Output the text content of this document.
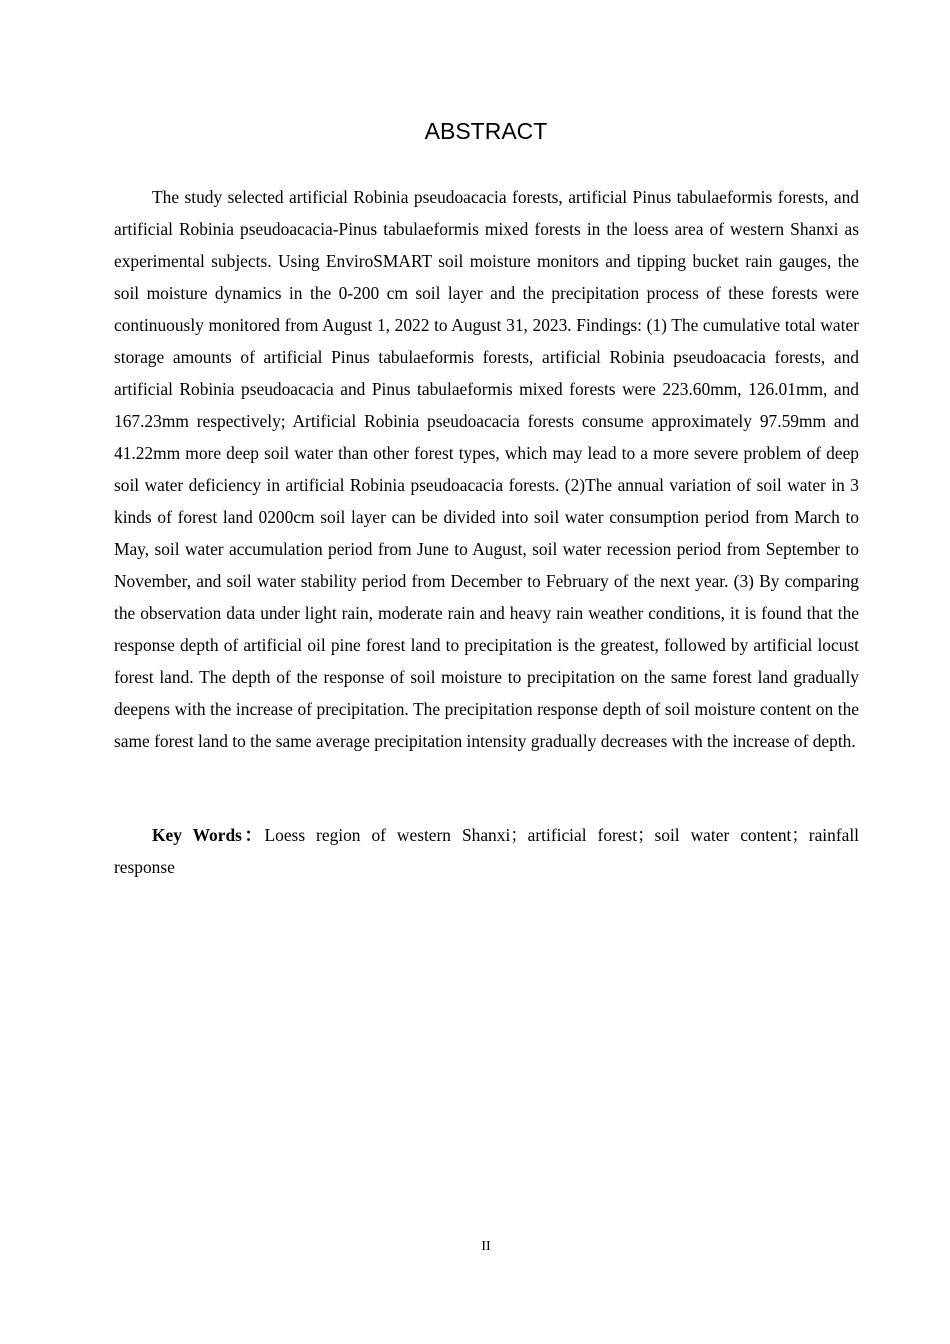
ABSTRACT

The study selected artificial Robinia pseudoacacia forests, artificial Pinus tabulaeformis forests, and artificial Robinia pseudoacacia-Pinus tabulaeformis mixed forests in the loess area of western Shanxi as experimental subjects. Using EnviroSMART soil moisture monitors and tipping bucket rain gauges, the soil moisture dynamics in the 0-200 cm soil layer and the precipitation process of these forests were continuously monitored from August 1, 2022 to August 31, 2023. Findings: (1) The cumulative total water storage amounts of artificial Pinus tabulaeformis forests, artificial Robinia pseudoacacia forests, and artificial Robinia pseudoacacia and Pinus tabulaeformis mixed forests were 223.60mm, 126.01mm, and 167.23mm respectively; Artificial Robinia pseudoacacia forests consume approximately 97.59mm and 41.22mm more deep soil water than other forest types, which may lead to a more severe problem of deep soil water deficiency in artificial Robinia pseudoacacia forests. (2)The annual variation of soil water in 3 kinds of forest land 0200cm soil layer can be divided into soil water consumption period from March to May, soil water accumulation period from June to August, soil water recession period from September to November, and soil water stability period from December to February of the next year. (3) By comparing the observation data under light rain, moderate rain and heavy rain weather conditions, it is found that the response depth of artificial oil pine forest land to precipitation is the greatest, followed by artificial locust forest land. The depth of the response of soil moisture to precipitation on the same forest land gradually deepens with the increase of precipitation. The precipitation response depth of soil moisture content on the same forest land to the same average precipitation intensity gradually decreases with the increase of depth.

Key Words：Loess region of western Shanxi；artificial forest；soil water content；rainfall response

II
